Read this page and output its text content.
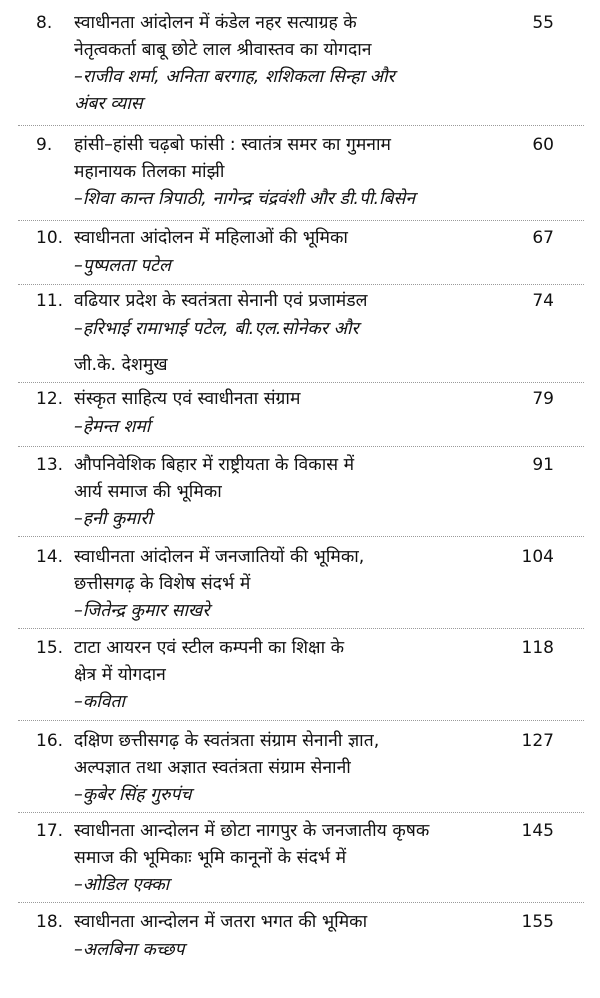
8. स्वाधीनता आंदोलन में कंडेल नहर सत्याग्रह के
नेतृत्वकर्ता बाबू छोटे लाल श्रीवास्तव का योगदान
–राजीव शर्मा, अनिता बरगाह, शशिकला सिन्हा और
अंबर व्यास
55
9. हांसी–हांसी चढ़बो फांसी : स्वातंत्र समर का गुमनाम
महानायक तिलका मांझी
–शिवा कान्त त्रिपाठी, नागेन्द्र चंद्रवंशी और डी.पी.बिसेन
60
10. स्वाधीनता आंदोलन में महिलाओं की भूमिका
–पुष्पलता पटेल
67
11. वढियार प्रदेश के स्वतंत्रता सेनानी एवं प्रजामंडल
–हरिभाई रामाभाई पटेल, बी.एल.सोनेकर और
जी.के. देशमुख
74
12. संस्कृत साहित्य एवं स्वाधीनता संग्राम
–हेमन्त शर्मा
79
13. औपनिवेशिक बिहार में राष्ट्रीयता के विकास में
आर्य समाज की भूमिका
–हनी कुमारी
91
14. स्वाधीनता आंदोलन में जनजातियों की भूमिका,
छत्तीसगढ़ के विशेष संदर्भ में
–जितेन्द्र कुमार साखरे
104
15. टाटा आयरन एवं स्टील कम्पनी का शिक्षा के
क्षेत्र में योगदान
–कविता
118
16. दक्षिण छत्तीसगढ़ के स्वतंत्रता संग्राम सेनानी ज्ञात,
अल्पज्ञात तथा अज्ञात स्वतंत्रता संग्राम सेनानी
–कुबेर सिंह गुरुपंच
127
17. स्वाधीनता आन्दोलन में छोटा नागपुर के जनजातीय कृषक
समाज की भूमिकाः भूमि कानूनों के संदर्भ में
–ओडिल एक्का
145
18. स्वाधीनता आन्दोलन में जतरा भगत की भूमिका
–अलबिना कच्छप
155
